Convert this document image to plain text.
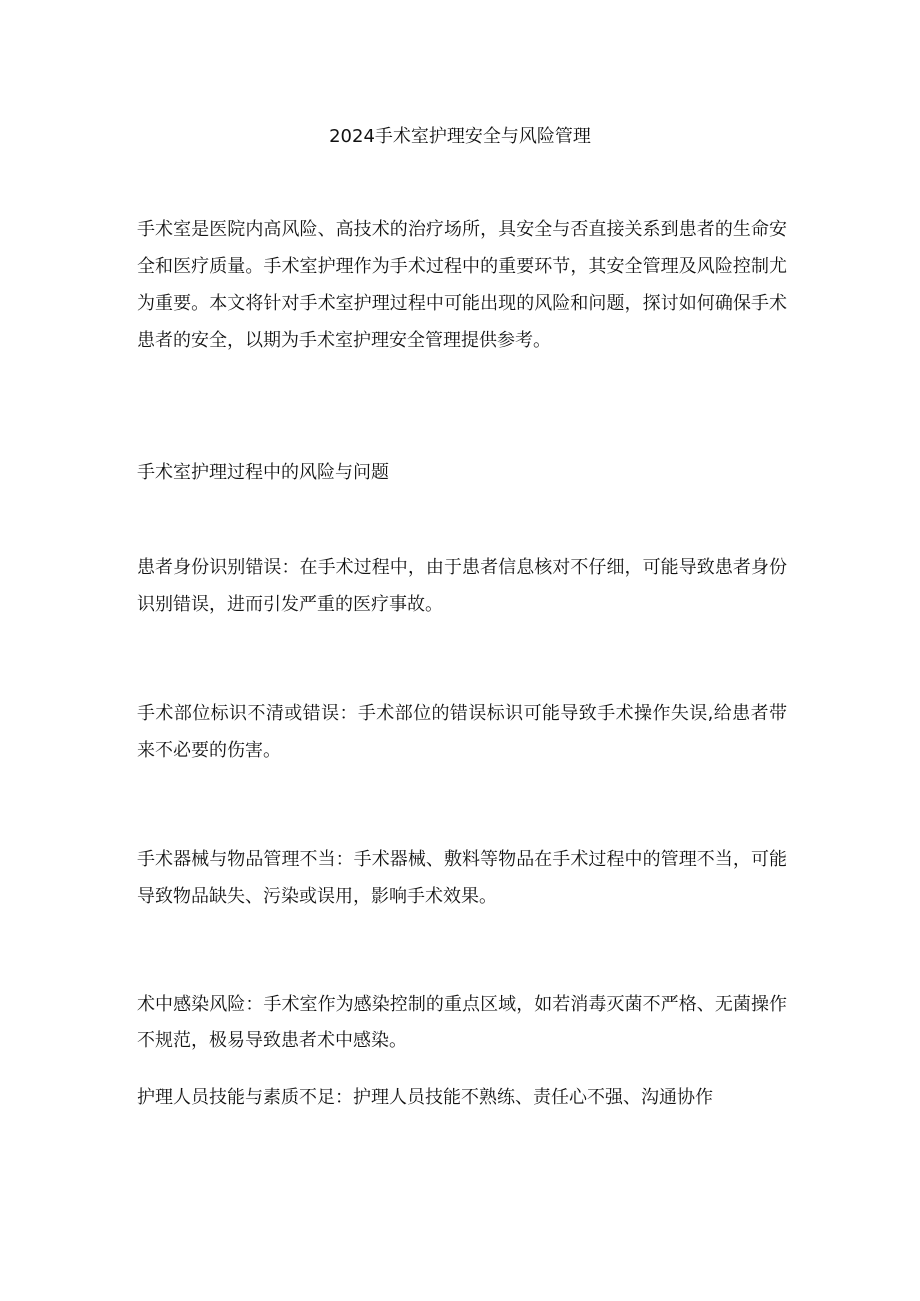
2024手术室护理安全与风险管理

手术室是医院内高风险、高技术的治疗场所，具安全与否直接关系到患者的生命安全和医疗质量。手术室护理作为手术过程中的重要环节，其安全管理及风险控制尤为重要。本文将针对手术室护理过程中可能出现的风险和问题，探讨如何确保手术患者的安全，以期为手术室护理安全管理提供参考。

手术室护理过程中的风险与问题

患者身份识别错误：在手术过程中，由于患者信息核对不仔细，可能导致患者身份识别错误，进而引发严重的医疗事故。

手术部位标识不清或错误：手术部位的错误标识可能导致手术操作失误,给患者带来不必要的伤害。

手术器械与物品管理不当：手术器械、敷料等物品在手术过程中的管理不当，可能导致物品缺失、污染或误用，影响手术效果。

术中感染风险：手术室作为感染控制的重点区域，如若消毒灭菌不严格、无菌操作不规范，极易导致患者术中感染。

护理人员技能与素质不足：护理人员技能不熟练、责任心不强、沟通协作
